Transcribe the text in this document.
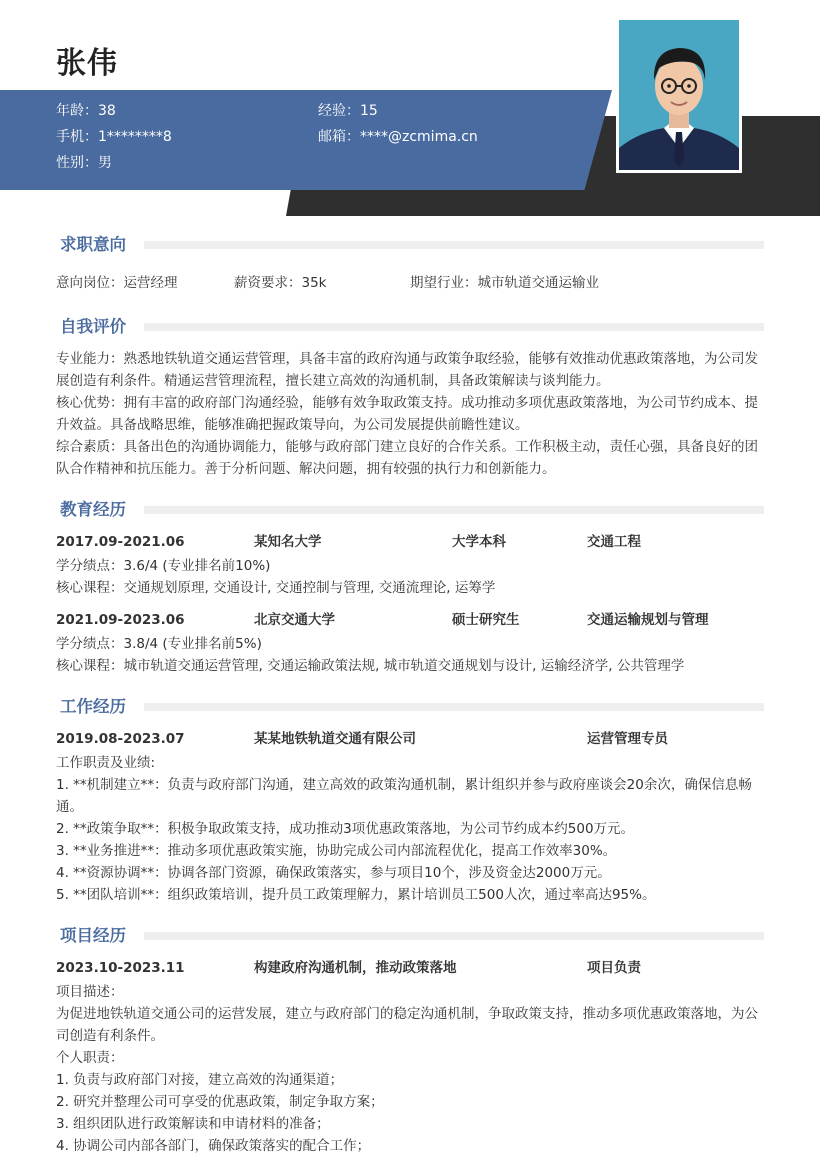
张伟
年龄：38	经验：15
手机：1********8	邮箱：****@zcmima.cn
性别：男
求职意向
意向岗位：运营经理	薪资要求：35k	期望行业：城市轨道交通运输业
自我评价
专业能力：熟悉地铁轨道交通运营管理，具备丰富的政府沟通与政策争取经验，能够有效推动优惠政策落地，为公司发展创造有利条件。精通运营管理流程，擅长建立高效的沟通机制，具备政策解读与谈判能力。
核心优势：拥有丰富的政府部门沟通经验，能够有效争取政策支持。成功推动多项优惠政策落地，为公司节约成本、提升效益。具备战略思维，能够准确把握政策导向，为公司发展提供前瞻性建议。
综合素质：具备出色的沟通协调能力，能够与政府部门建立良好的合作关系。工作积极主动，责任心强，具备良好的团队合作精神和抗压能力。善于分析问题、解决问题，拥有较强的执行力和创新能力。
教育经历
2017.09-2021.06	某知名大学	大学本科	交通工程
学分绩点：3.6/4 (专业排名前10%)
核心课程：交通规划原理, 交通设计, 交通控制与管理, 交通流理论, 运筹学
2021.09-2023.06	北京交通大学	硕士研究生	交通运输规划与管理
学分绩点：3.8/4 (专业排名前5%)
核心课程：城市轨道交通运营管理, 交通运输政策法规, 城市轨道交通规划与设计, 运输经济学, 公共管理学
工作经历
2019.08-2023.07	某某地铁轨道交通有限公司	运营管理专员
工作职责及业绩:
1. **机制建立**：负责与政府部门沟通，建立高效的政策沟通机制，累计组织并参与政府座谈会20余次，确保信息畅通。
2. **政策争取**：积极争取政策支持，成功推动3项优惠政策落地，为公司节约成本约500万元。
3. **业务推进**：推动多项优惠政策实施，协助完成公司内部流程优化，提高工作效率30%。
4. **资源协调**：协调各部门资源，确保政策落实，参与项目10个，涉及资金达2000万元。
5. **团队培训**：组织政策培训，提升员工政策理解力，累计培训员工500人次，通过率高达95%。
项目经历
2023.10-2023.11	构建政府沟通机制，推动政策落地	项目负责
项目描述：
为促进地铁轨道交通公司的运营发展，建立与政府部门的稳定沟通机制，争取政策支持，推动多项优惠政策落地，为公司创造有利条件。
个人职责：
1. 负责与政府部门对接，建立高效的沟通渠道；
2. 研究并整理公司可享受的优惠政策，制定争取方案；
3. 组织团队进行政策解读和申请材料的准备；
4. 协调公司内部各部门，确保政策落实的配合工作；
